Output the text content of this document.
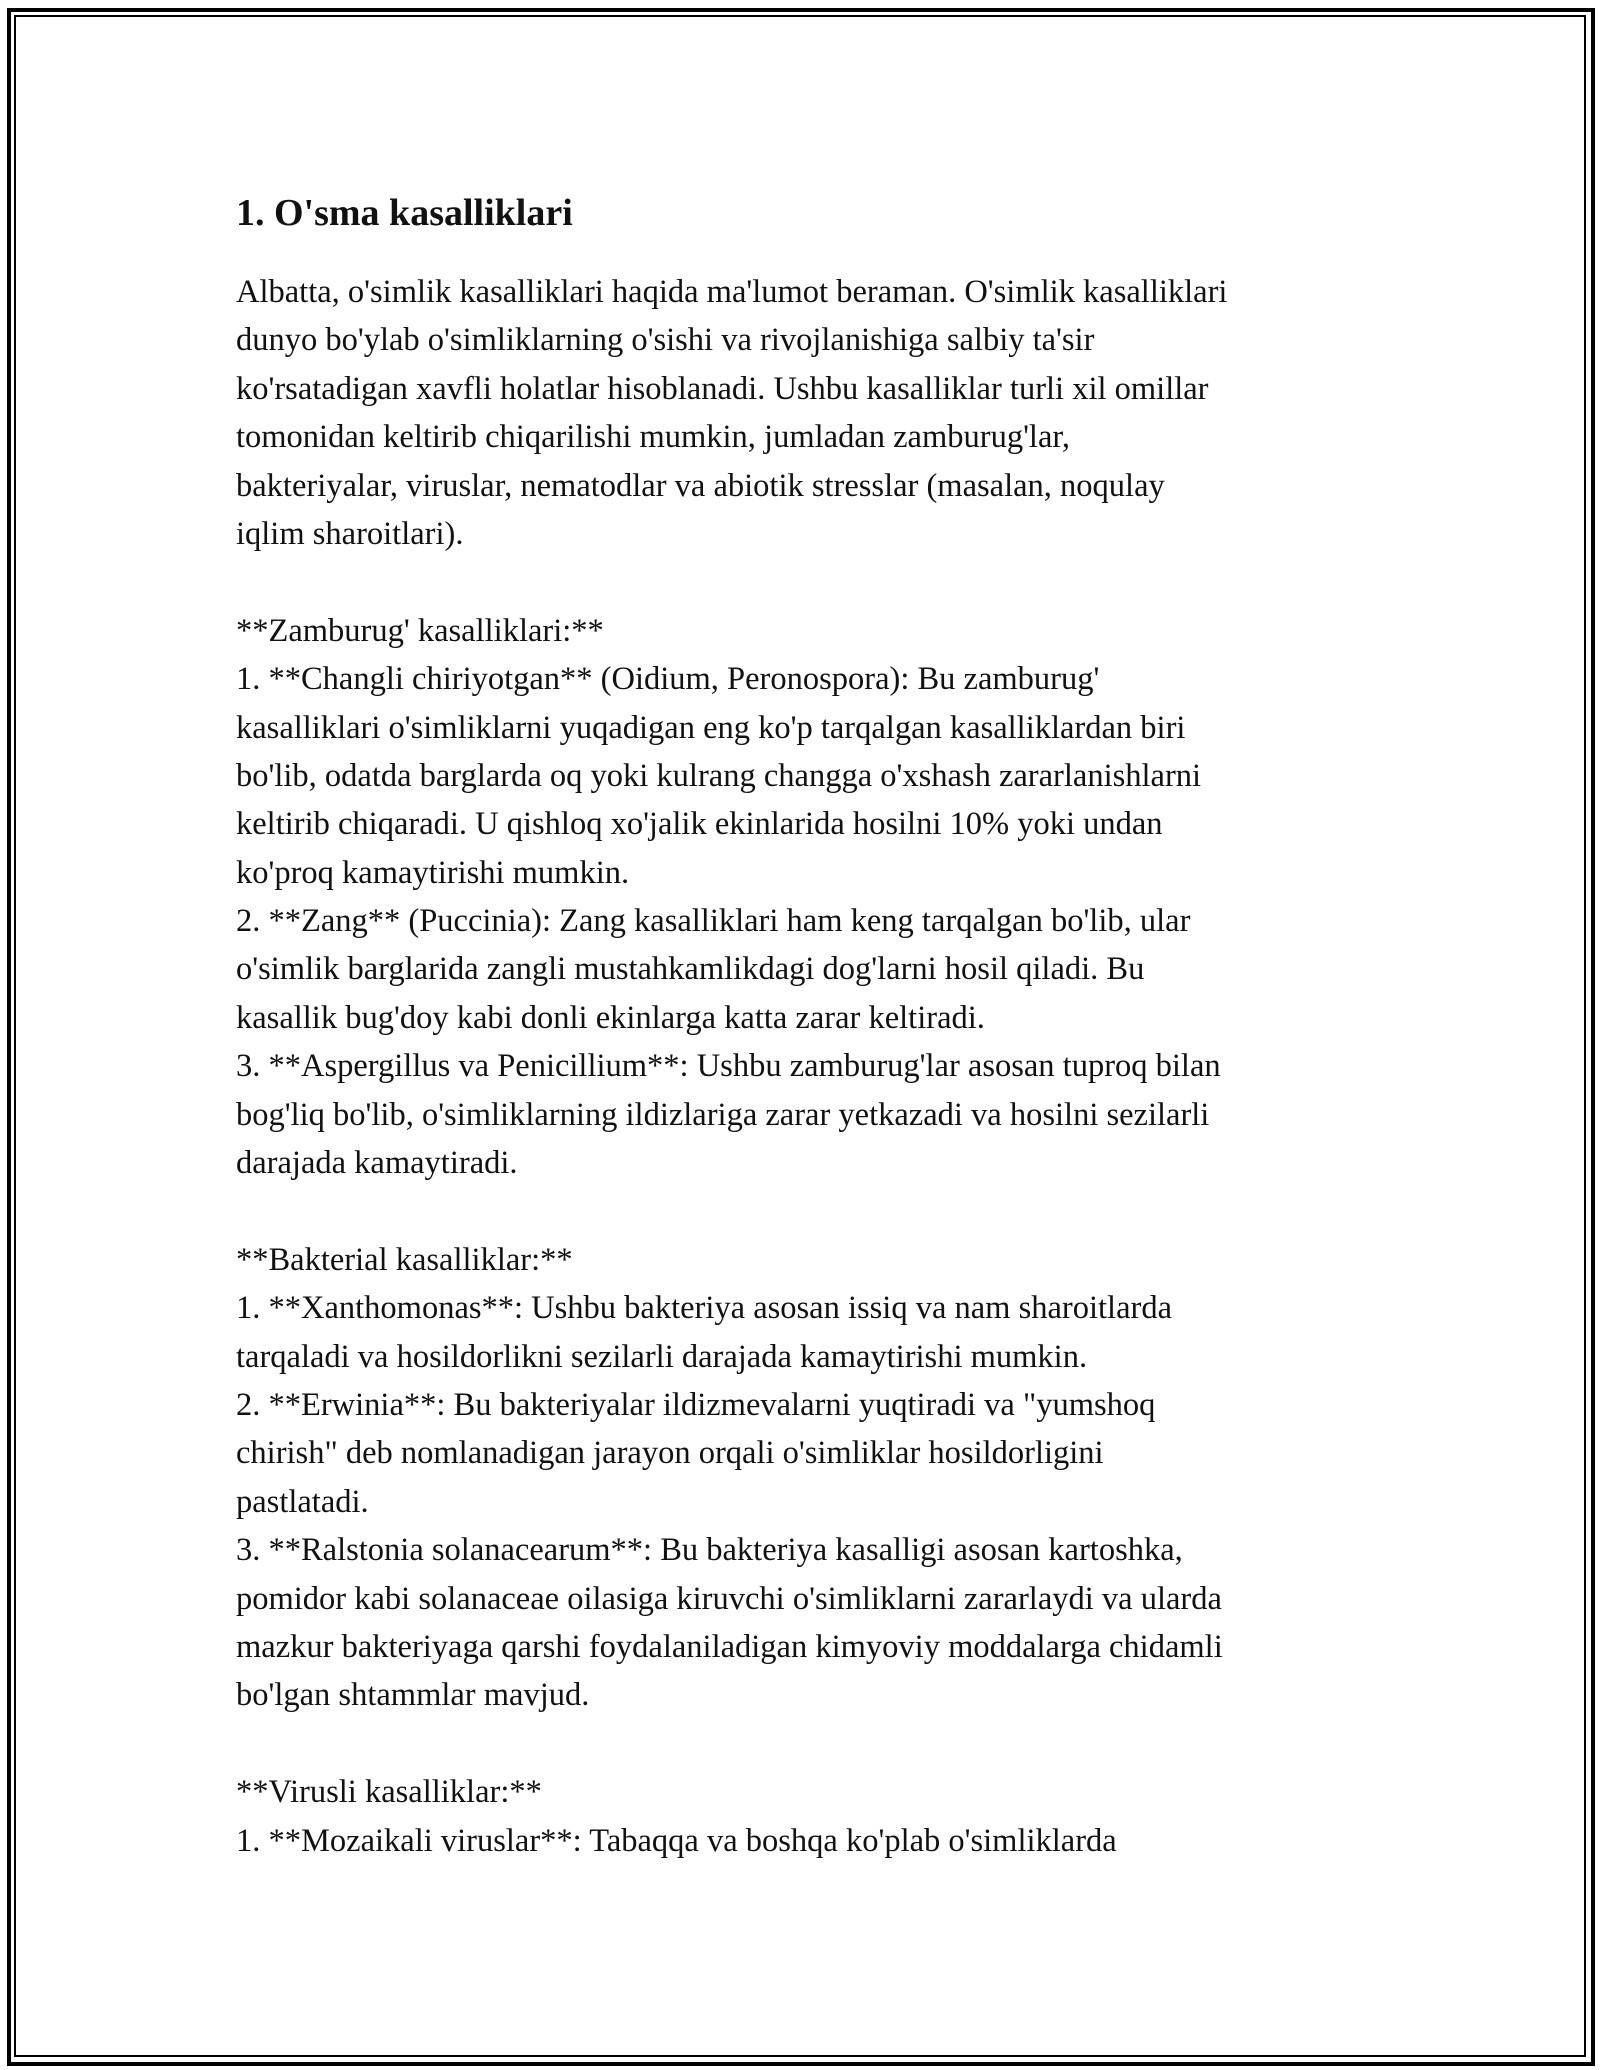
1. O'sma kasalliklari

Albatta, o'simlik kasalliklari haqida ma'lumot beraman. O'simlik kasalliklari

dunyo bo'ylab o'simliklarning o'sishi va rivojlanishiga salbiy ta'sir

ko'rsatadigan xavfli holatlar hisoblanadi. Ushbu kasalliklar turli xil omillar

tomonidan keltirib chiqarilishi mumkin, jumladan zamburug'lar,

bakteriyalar, viruslar, nematodlar va abiotik stresslar (masalan, noqulay

iqlim sharoitlari).

**Zamburug' kasalliklari:**

1. **Changli chiriyotgan** (Oidium, Peronospora): Bu zamburug'

kasalliklari o'simliklarni yuqadigan eng ko'p tarqalgan kasalliklardan biri

bo'lib, odatda barglarda oq yoki kulrang changga o'xshash zararlanishlarni

keltirib chiqaradi. U qishloq xo'jalik ekinlarida hosilni 10% yoki undan

ko'proq kamaytirishi mumkin.

2. **Zang** (Puccinia): Zang kasalliklari ham keng tarqalgan bo'lib, ular

o'simlik barglarida zangli mustahkamlikdagi dog'larni hosil qiladi. Bu

kasallik bug'doy kabi donli ekinlarga katta zarar keltiradi.

3. **Aspergillus va Penicillium**: Ushbu zamburug'lar asosan tuproq bilan

bog'liq bo'lib, o'simliklarning ildizlariga zarar yetkazadi va hosilni sezilarli

darajada kamaytiradi.

**Bakterial kasalliklar:**

1. **Xanthomonas**: Ushbu bakteriya asosan issiq va nam sharoitlarda

tarqaladi va hosildorlikni sezilarli darajada kamaytirishi mumkin.

2. **Erwinia**: Bu bakteriyalar ildizmevalarni yuqtiradi va "yumshoq

chirish" deb nomlanadigan jarayon orqali o'simliklar hosildorligini

pastlatadi.

3. **Ralstonia solanacearum**: Bu bakteriya kasalligi asosan kartoshka,

pomidor kabi solanaceae oilasiga kiruvchi o'simliklarni zararlaydi va ularda

mazkur bakteriyaga qarshi foydalaniladigan kimyoviy moddalarga chidamli

bo'lgan shtammlar mavjud.

**Virusli kasalliklar:**

1. **Mozaikali viruslar**: Tabaqqa va boshqa ko'plab o'simliklarda
